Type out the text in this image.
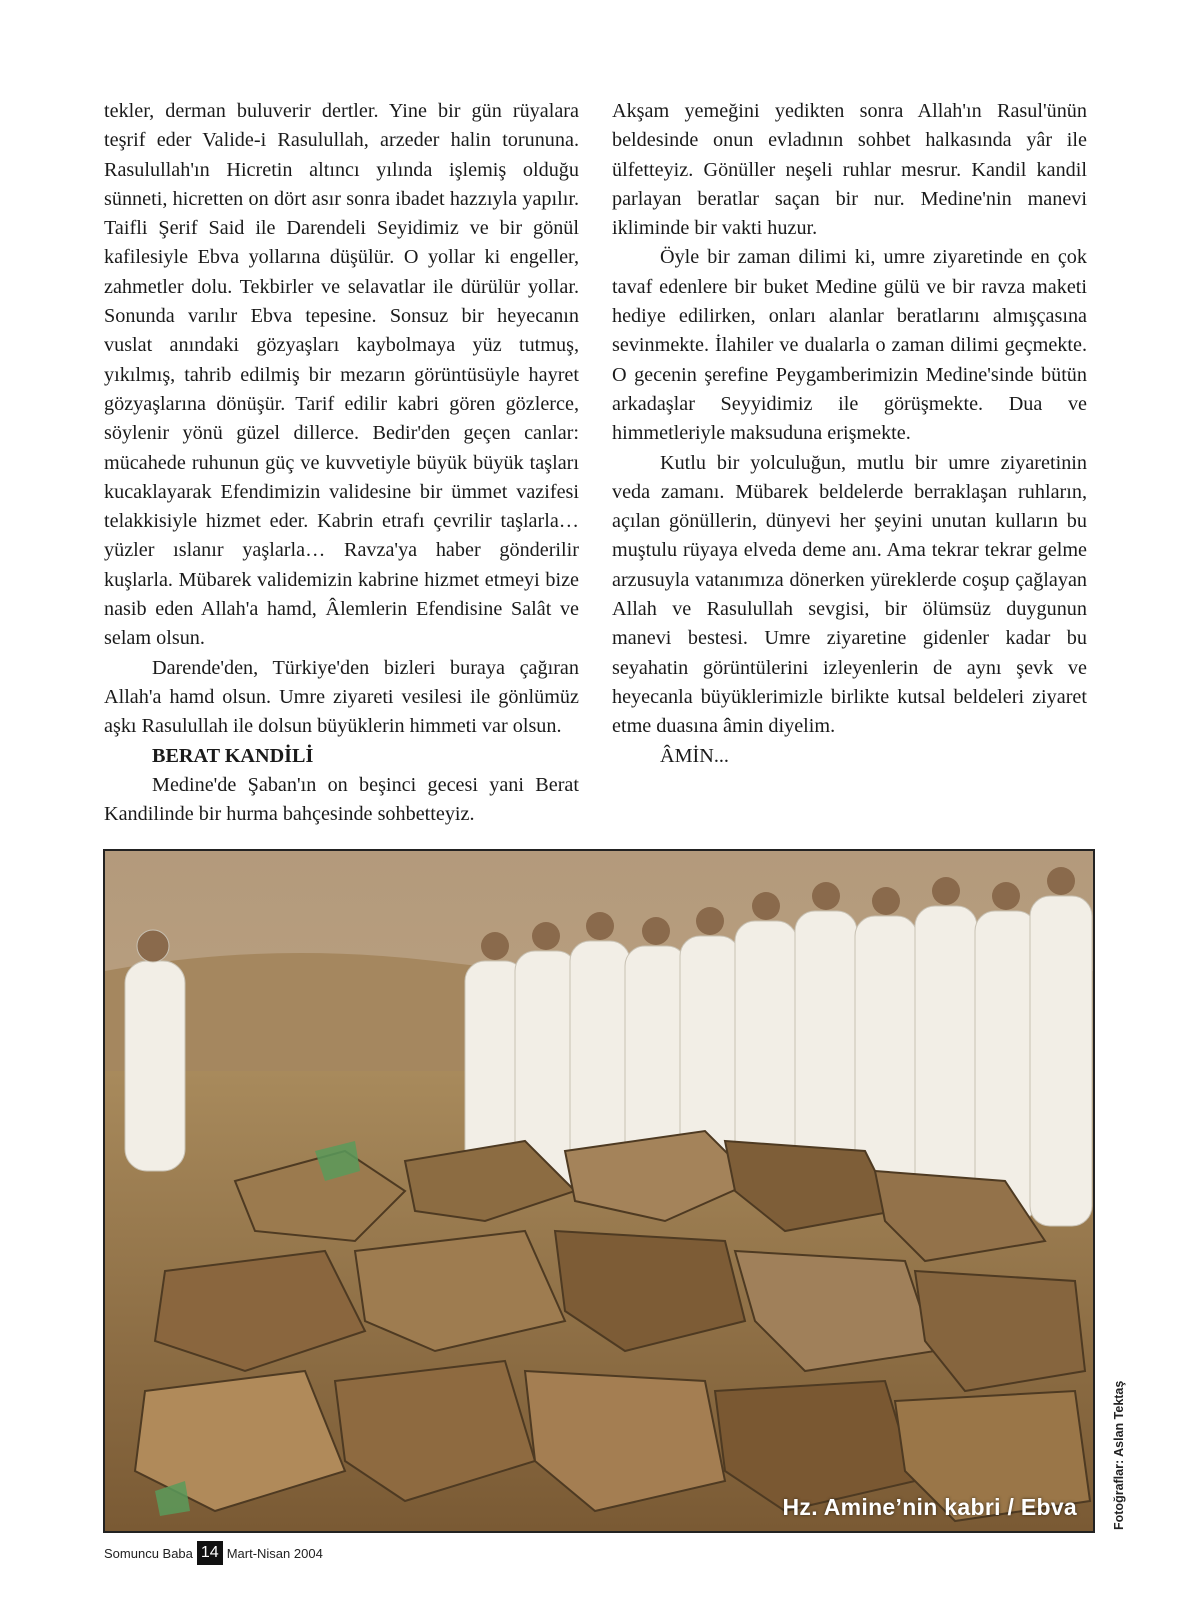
tekler, derman buluverir dertler. Yine bir gün rüyalara teşrif eder Valide-i Rasulullah, arzeder halin torununa. Rasulullah'ın Hicretin altıncı yılında işlemiş olduğu sünneti, hicretten on dört asır sonra ibadet hazzıyla yapılır. Taifli Şerif Said ile Darendeli Seyidimiz ve bir gönül kafilesiyle Ebva yollarına düşülür. O yollar ki engeller, zahmetler dolu. Tekbirler ve selavatlar ile dürülür yollar. Sonunda varılır Ebva tepesine. Sonsuz bir heyecanın vuslat anındaki gözyaşları kaybolmaya yüz tutmuş, yıkılmış, tahrib edilmiş bir mezarın görüntüsüyle hayret gözyaşlarına dönüşür. Tarif edilir kabri gören gözlerce, söylenir yönü güzel dillerce. Bedir'den geçen canlar: mücahede ruhunun güç ve kuvvetiyle büyük büyük taşları kucaklayarak Efendimizin validesine bir ümmet vazifesi telakkisiyle hizmet eder. Kabrin etrafı çevrilir taşlarla… yüzler ıslanır yaşlarla… Ravza'ya haber gönderilir kuşlarla. Mübarek validemizin kabrine hizmet etmeyi bize nasib eden Allah'a hamd, Âlemlerin Efendisine Salât ve selam olsun.

Darende'den, Türkiye'den bizleri buraya çağıran Allah'a hamd olsun. Umre ziyareti vesilesi ile gönlümüz aşkı Rasulullah ile dolsun büyüklerin himmeti var olsun.

BERAT KANDİLİ

Medine'de Şaban'ın on beşinci gecesi yani Berat Kandilinde bir hurma bahçesinde sohbetteyiz.

Akşam yemeğini yedikten sonra Allah'ın Rasul'ünün beldesinde onun evladının sohbet halkasında yâr ile ülfetteyiz. Gönüller neşeli ruhlar mesrur. Kandil kandil parlayan beratlar saçan bir nur. Medine'nin manevi ikliminde bir vakti huzur.

Öyle bir zaman dilimi ki, umre ziyaretinde en çok tavaf edenlere bir buket Medine gülü ve bir ravza maketi hediye edilirken, onları alanlar beratlarını almışçasına sevinmekte. İlahiler ve dualarla o zaman dilimi geçmekte. O gecenin şerefine Peygamberimizin Medine'sinde bütün arkadaşlar Seyyidimiz ile görüşmekte. Dua ve himmetleriyle maksuduna erişmekte.

Kutlu bir yolculuğun, mutlu bir umre ziyaretinin veda zamanı. Mübarek beldelerde berraklaşan ruhların, açılan gönüllerin, dünyevi her şeyini unutan kulların bu muştulu rüyaya elveda deme anı. Ama tekrar tekrar gelme arzusuyla vatanımıza dönerken yüreklerde coşup çağlayan Allah ve Rasulullah sevgisi, bir ölümsüz duygunun manevi bestesi. Umre ziyaretine gidenler kadar bu seyahatin görüntülerini izleyenlerin de aynı şevk ve heyecanla büyüklerimizle birlikte kutsal beldeleri ziyaret etme duasına âmin diyelim.

ÂMİN...

Hz. Amine’nin kabri / Ebva	Fotoğraflar: Aslan Tektaş
Somuncu Baba 14 Mart-Nisan 2004
